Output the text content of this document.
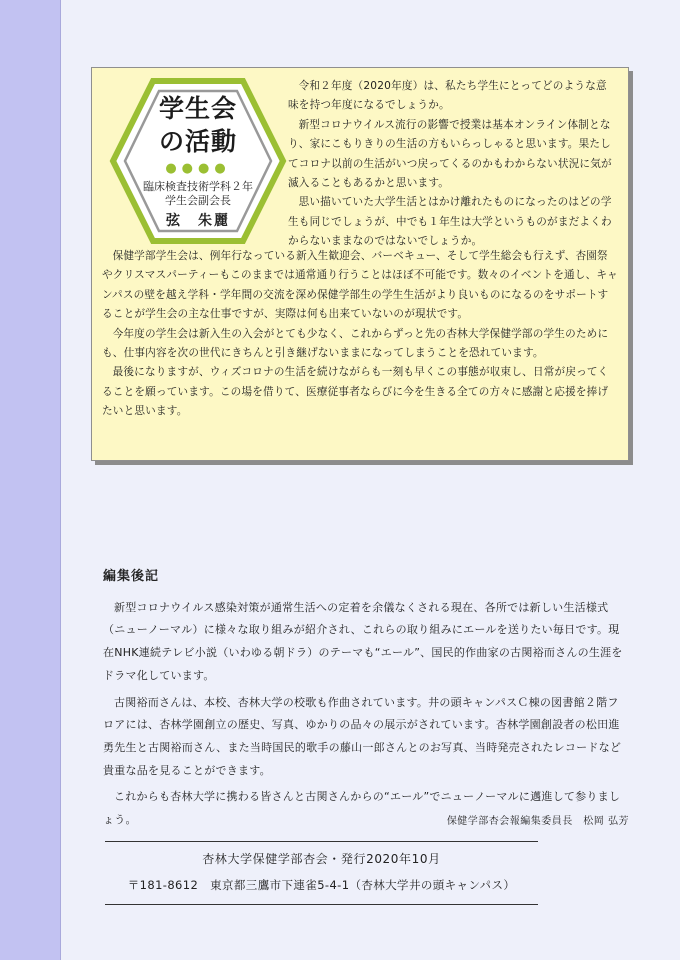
学生会
の活動
●●●●
臨床検査技術学科２年
学生会副会長
弦　朱麗

令和２年度（2020年度）は、私たち学生にとってどのような意味を持つ年度になるでしょうか。

新型コロナウイルス流行の影響で授業は基本オンライン体制となり、家にこもりきりの生活の方もいらっしゃると思います。果たしてコロナ以前の生活がいつ戻ってくるのかもわからない状況に気が滅入ることもあるかと思います。

思い描いていた大学生活とはかけ離れたものになったのはどの学生も同じでしょうが、中でも１年生は大学というものがまだよくわからないままなのではないでしょうか。

保健学部学生会は、例年行なっている新入生歓迎会、バーベキュー、そして学生総会も行えず、杏園祭やクリスマスパーティーもこのままでは通常通り行うことはほぼ不可能です。数々のイベントを通し、キャンパスの壁を越え学科・学年間の交流を深め保健学部生の学生生活がより良いものになるのをサポートすることが学生会の主な仕事ですが、実際は何も出来ていないのが現状です。

今年度の学生会は新入生の入会がとても少なく、これからずっと先の杏林大学保健学部の学生のためにも、仕事内容を次の世代にきちんと引き継げないままになってしまうことを恐れています。

最後になりますが、ウィズコロナの生活を続けながらも一刻も早くこの事態が収束し、日常が戻ってくることを願っています。この場を借りて、医療従事者ならびに今を生きる全ての方々に感謝と応援を捧げたいと思います。

編集後記

新型コロナウイルス感染対策が通常生活への定着を余儀なくされる現在、各所では新しい生活様式（ニューノーマル）に様々な取り組みが紹介され、これらの取り組みにエールを送りたい毎日です。現在NHK連続テレビ小説（いわゆる朝ドラ）のテーマも“エール”、国民的作曲家の古関裕而さんの生涯をドラマ化しています。

古関裕而さんは、本校、杏林大学の校歌も作曲されています。井の頭キャンパスＣ棟の図書館２階フロアには、杏林学園創立の歴史、写真、ゆかりの品々の展示がされています。杏林学園創設者の松田進勇先生と古関裕而さん、また当時国民的歌手の藤山一郎さんとのお写真、当時発売されたレコードなど貴重な品を見ることができます。

これからも杏林大学に携わる皆さんと古関さんからの“エール”でニューノーマルに邁進して参りましょう。	保健学部杏会報編集委員長　松岡 弘芳
杏林大学保健学部杏会・発行2020年10月
〒181-8612　東京都三鷹市下連雀5-4-1（杏林大学井の頭キャンパス）
